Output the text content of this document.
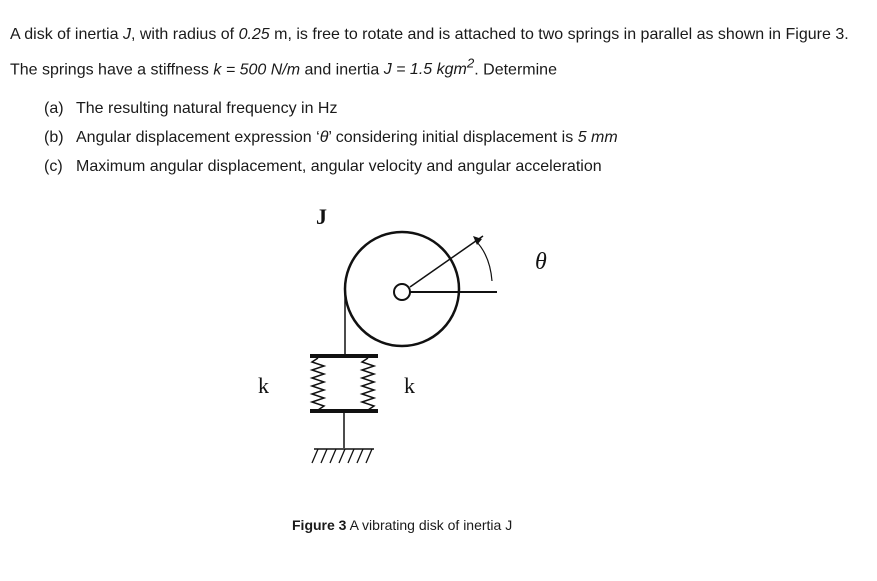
A disk of inertia J, with radius of 0.25 m, is free to rotate and is attached to two springs in parallel as shown in Figure 3. The springs have a stiffness k = 500 N/m and inertia J = 1.5 kgm$^2$. Determine

(a) The resulting natural frequency in Hz
(b) Angular displacement expression ‘θ’ considering initial displacement is 5 mm
(c) Maximum angular displacement, angular velocity and angular acceleration
J
θ
k	k

Figure 3 A vibrating disk of inertia J
